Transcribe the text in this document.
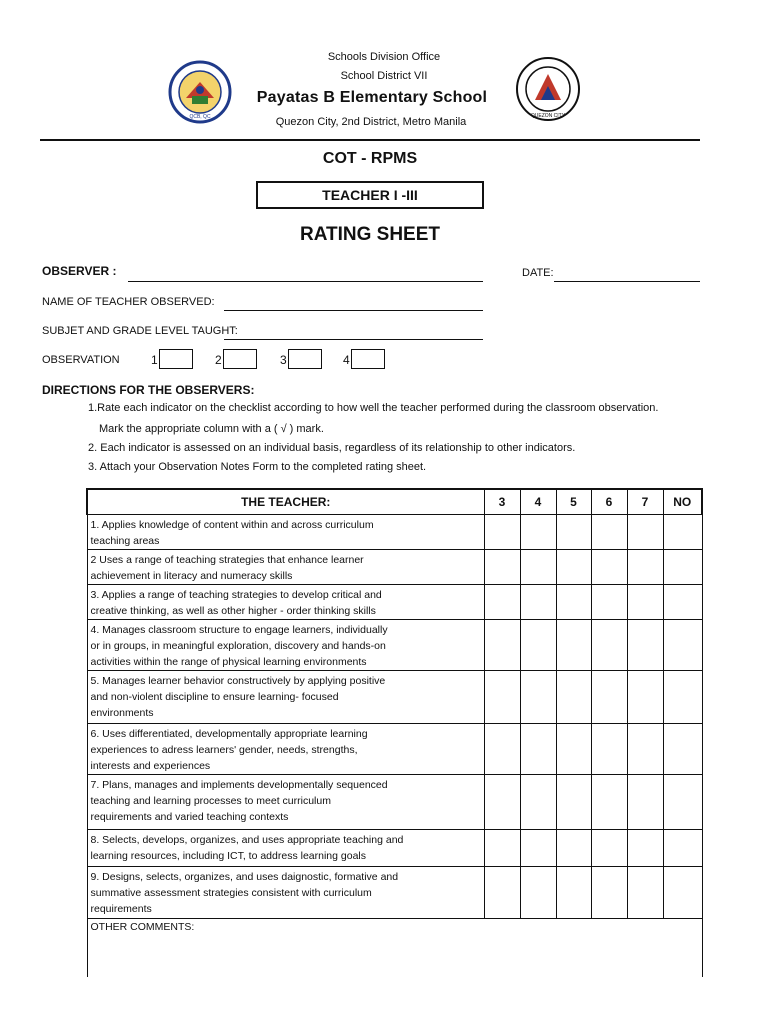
QCB, QC	QUEZON CITY
Schools Division Office
School District VII
Payatas B Elementary School
Quezon City, 2nd District, Metro Manila
COT - RPMS
TEACHER I -III
RATING SHEET
OBSERVER :	DATE:
NAME OF TEACHER OBSERVED:
SUBJET AND GRADE LEVEL TAUGHT:
OBSERVATION	1	2	3	4
DIRECTIONS FOR THE OBSERVERS:
1.Rate each indicator on the checklist according to how well the teacher performed during the classroom observation.
Mark the appropriate column with a ( √ ) mark.
2. Each indicator is assessed on an individual basis, regardless of its relationship to other indicators.
3. Attach your Observation Notes Form to the completed rating sheet.
THE TEACHER:	3	4	5	6	7	NO
1. Applies knowledge of content within and across curriculum
teaching areas						
2 Uses a range of teaching strategies that enhance learner
achievement in literacy and numeracy skills						
3. Applies a range of teaching strategies to develop critical and
creative thinking, as well as other higher - order thinking skills						
4. Manages classroom structure to engage learners, individually
or in groups, in meaningful exploration, discovery and hands-on
activities within the range of physical learning environments						
5. Manages learner behavior constructively by applying positive
and non-violent discipline to ensure learning- focused
environments						
6. Uses differentiated, developmentally appropriate learning
experiences to adress learners' gender, needs, strengths,
interests and experiences						
7. Plans, manages and implements developmentally sequenced
teaching and learning processes to meet curriculum
requirements and varied teaching contexts						
8. Selects, develops, organizes, and uses appropriate teaching and
learning resources, including ICT, to address learning goals						
9. Designs, selects, organizes, and uses daignostic, formative and
summative assessment strategies consistent with curriculum
requirements						
OTHER COMMENTS:						
